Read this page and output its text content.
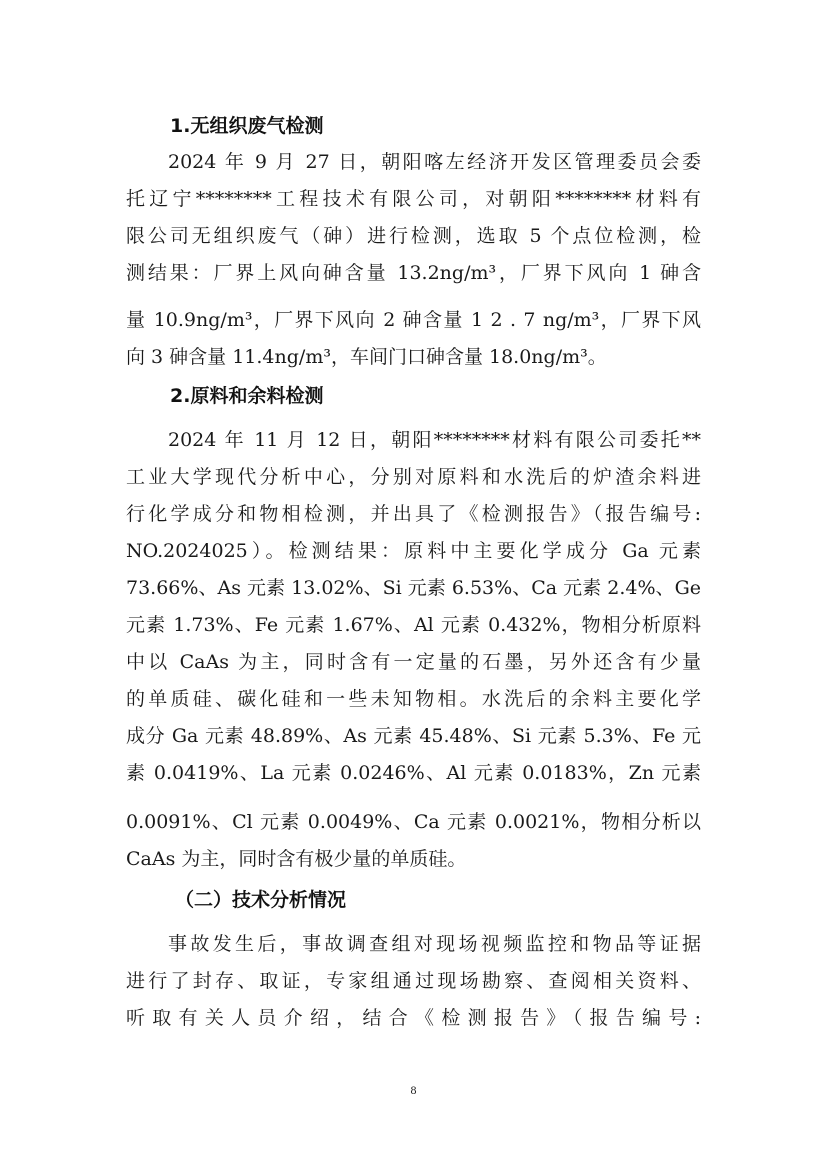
1.无组织废气检测
2024 年 9 月 27 日，朝阳喀左经济开发区管理委员会委
托辽宁********工程技术有限公司，对朝阳********材料有
限公司无组织废气（砷）进行检测，选取 5 个点位检测，检
测结果：厂界上风向砷含量 13.2ng/m³，厂界下风向 1 砷含
量 10.9ng/m³，厂界下风向 2 砷含量 1 2 . 7 ng/m³，厂界下风
向 3 砷含量 11.4ng/m³，车间门口砷含量 18.0ng/m³。
2.原料和余料检测
2024 年 11 月 12 日，朝阳********材料有限公司委托**
工业大学现代分析中心，分别对原料和水洗后的炉渣余料进
行化学成分和物相检测，并出具了《检测报告》（报告编号:
NO.2024025）。检测结果：原料中主要化学成分 Ga 元素
73.66%、As 元素 13.02%、Si 元素 6.53%、Ca 元素 2.4%、Ge
元素 1.73%、Fe 元素 1.67%、Al 元素 0.432%，物相分析原料
中以 CaAs 为主，同时含有一定量的石墨，另外还含有少量
的单质硅、碳化硅和一些未知物相。水洗后的余料主要化学
成分 Ga 元素 48.89%、As 元素 45.48%、Si 元素 5.3%、Fe 元
素 0.0419%、La 元素 0.0246%、Al 元素 0.0183%，Zn 元素
0.0091%、Cl 元素 0.0049%、Ca 元素 0.0021%，物相分析以
CaAs 为主，同时含有极少量的单质硅。
（二）技术分析情况
事故发生后，事故调查组对现场视频监控和物品等证据
进行了封存、取证，专家组通过现场勘察、查阅相关资料、
听取有关人员介绍，结合《检测报告》（报告编号:
8
